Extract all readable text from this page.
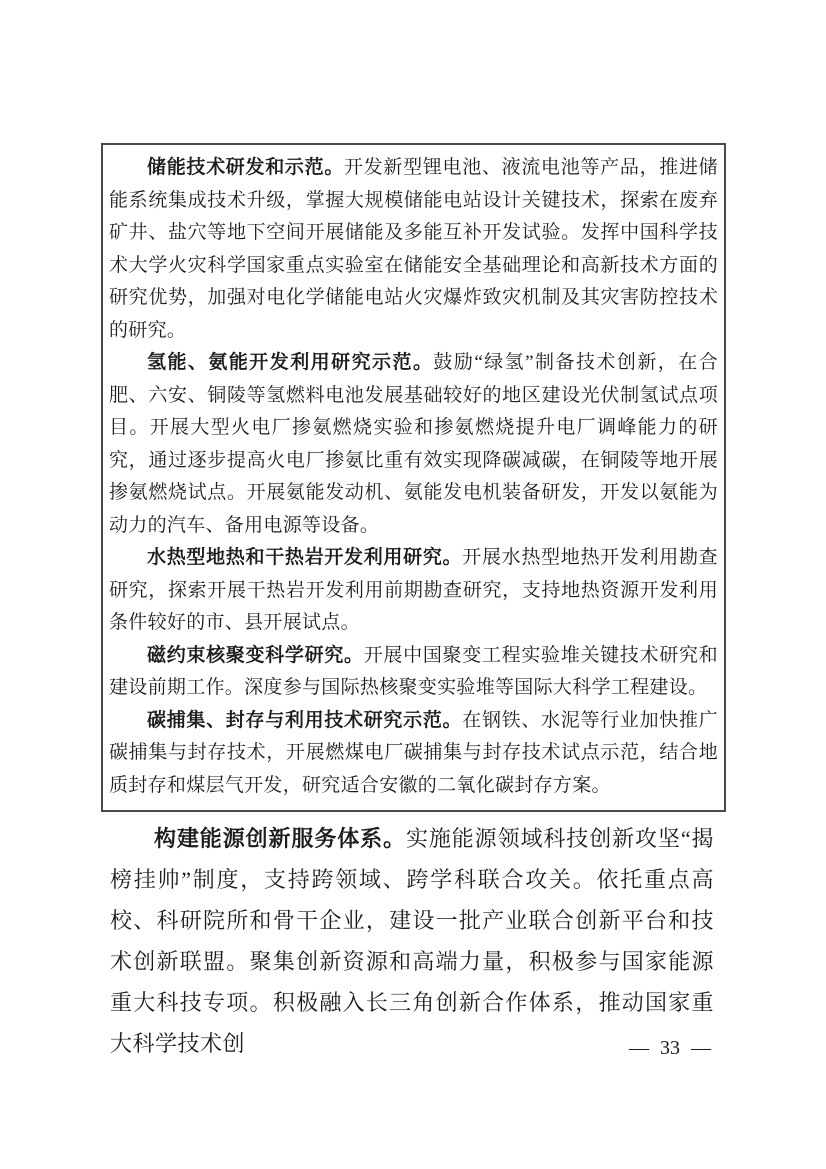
储能技术研发和示范。开发新型锂电池、液流电池等产品，推进储能系统集成技术升级，掌握大规模储能电站设计关键技术，探索在废弃矿井、盐穴等地下空间开展储能及多能互补开发试验。发挥中国科学技术大学火灾科学国家重点实验室在储能安全基础理论和高新技术方面的研究优势，加强对电化学储能电站火灾爆炸致灾机制及其灾害防控技术的研究。

氢能、氨能开发利用研究示范。鼓励“绿氢”制备技术创新，在合肥、六安、铜陵等氢燃料电池发展基础较好的地区建设光伏制氢试点项目。开展大型火电厂掺氨燃烧实验和掺氨燃烧提升电厂调峰能力的研究，通过逐步提高火电厂掺氨比重有效实现降碳减碳，在铜陵等地开展掺氨燃烧试点。开展氨能发动机、氨能发电机装备研发，开发以氨能为动力的汽车、备用电源等设备。

水热型地热和干热岩开发利用研究。开展水热型地热开发利用勘查研究，探索开展干热岩开发利用前期勘查研究，支持地热资源开发利用条件较好的市、县开展试点。

磁约束核聚变科学研究。开展中国聚变工程实验堆关键技术研究和建设前期工作。深度参与国际热核聚变实验堆等国际大科学工程建设。

碳捕集、封存与利用技术研究示范。在钢铁、水泥等行业加快推广碳捕集与封存技术，开展燃煤电厂碳捕集与封存技术试点示范，结合地质封存和煤层气开发，研究适合安徽的二氧化碳封存方案。

构建能源创新服务体系。实施能源领域科技创新攻坚“揭榜挂帅”制度，支持跨领域、跨学科联合攻关。依托重点高校、科研院所和骨干企业，建设一批产业联合创新平台和技术创新联盟。聚集创新资源和高端力量，积极参与国家能源重大科技专项。积极融入长三角创新合作体系，推动国家重大科学技术创	— 33 —
